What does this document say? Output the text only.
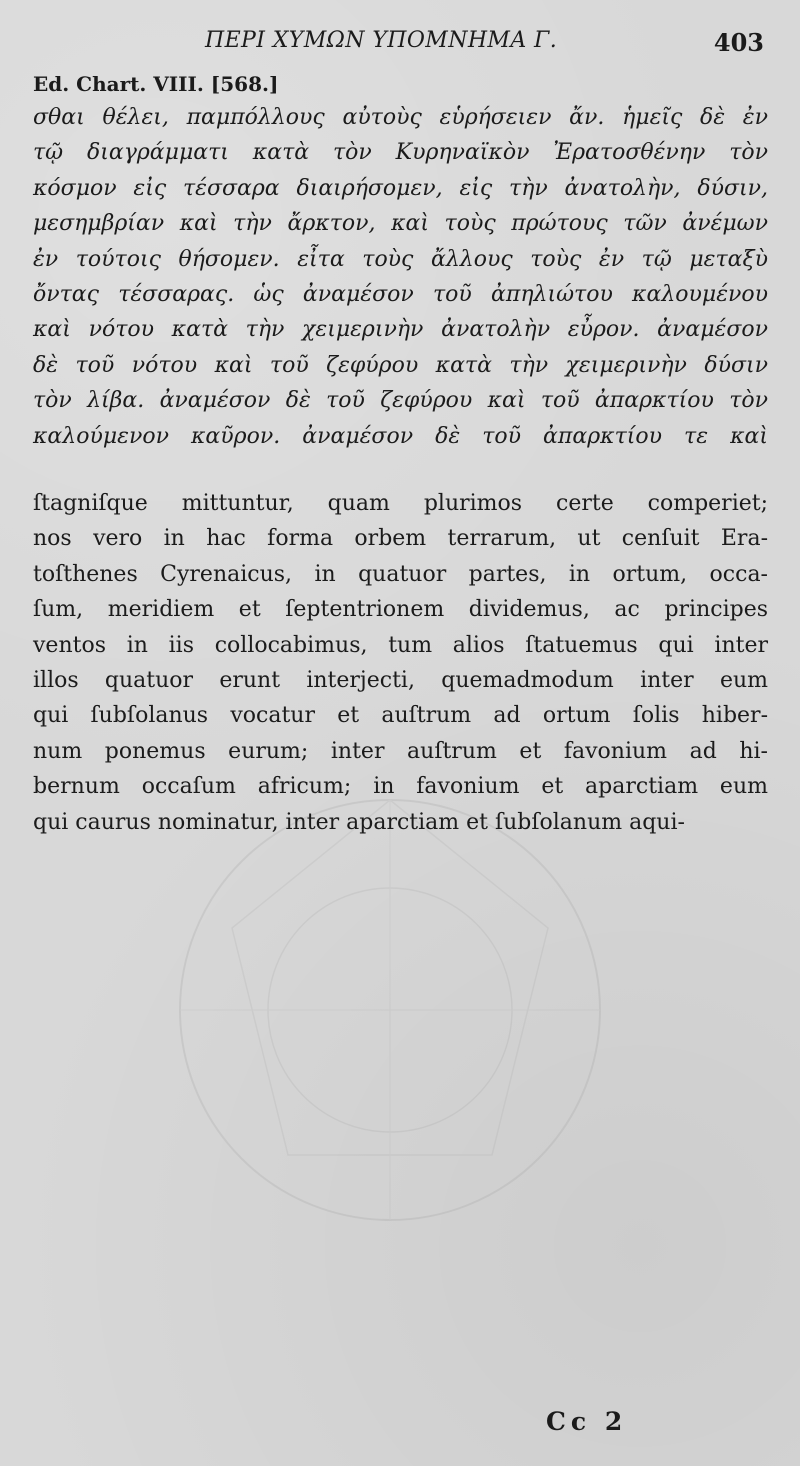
ΠΕΡΙ ΧΥΜΩΝ ΥΠΟΜΝΗΜΑ Γ.	403
Ed. Chart. VIII. [568.]
σθαι θέλει, παμπόλλους αὐτοὺς εὑρήσειεν ἄν. ἡμεῖς δὲ ἐν
τῷ διαγράμματι κατὰ τὸν Κυρηναϊκὸν Ἐρατοσθένην τὸν
κόσμον εἰς τέσσαρα διαιρήσομεν, εἰς τὴν ἀνατολὴν, δύσιν,
μεσημβρίαν καὶ τὴν ἄρκτον, καὶ τοὺς πρώτους τῶν ἀνέμων
ἐν τούτοις θήσομεν. εἶτα τοὺς ἄλλους τοὺς ἐν τῷ μεταξὺ
ὄντας τέσσαρας. ὡς ἀναμέσον τοῦ ἀπηλιώτου καλουμένου
καὶ νότου κατὰ τὴν χειμερινὴν ἀνατολὴν εὖρον. ἀναμέσον
δὲ τοῦ νότου καὶ τοῦ ζεφύρου κατὰ τὴν χειμερινὴν δύσιν
τὸν λίβα. ἀναμέσον δὲ τοῦ ζεφύρου καὶ τοῦ ἀπαρκτίου τὸν
καλούμενον καῦρον. ἀναμέσον δὲ τοῦ ἀπαρκτίου τε καὶ
ſtagniſque mittuntur, quam plurimos certe comperiet;
nos vero in hac forma orbem terrarum, ut cenſuit Era-
toſthenes Cyrenaicus, in quatuor partes, in ortum, occa-
ſum, meridiem et ſeptentrionem dividemus, ac principes
ventos in iis collocabimus, tum alios ſtatuemus qui inter
illos quatuor erunt interjecti, quemadmodum inter eum
qui ſubſolanus vocatur et auſtrum ad ortum ſolis hiber-
num ponemus eurum; inter auſtrum et favonium ad hi-
bernum occaſum africum; in favonium et aparctiam eum
qui caurus nominatur, inter aparctiam et ſubſolanum aqui-
Cc 2
